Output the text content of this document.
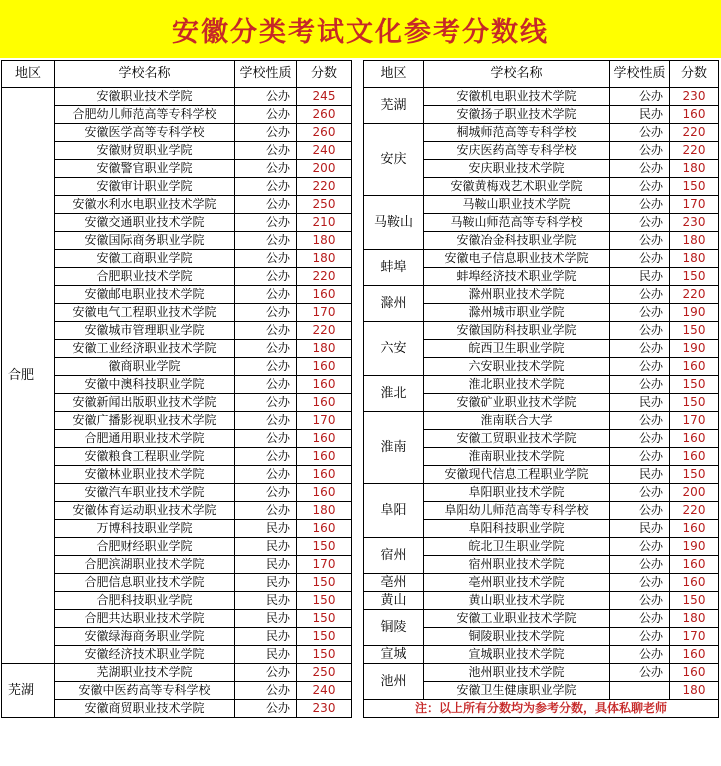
安徽分类考试文化参考分数线
地区	学校名称	学校性质	分数
合肥	安徽职业技术学院	公办	245
	合肥幼儿师范高等专科学校	公办	260
	安徽医学高等专科学校	公办	260
	安徽财贸职业学院	公办	240
	安徽警官职业学院	公办	200
	安徽审计职业学院	公办	220
	安徽水利水电职业技术学院	公办	250
	安徽交通职业技术学院	公办	210
	安徽国际商务职业学院	公办	180
	安徽工商职业学院	公办	180
	合肥职业技术学院	公办	220
	安徽邮电职业技术学院	公办	160
	安徽电气工程职业技术学院	公办	170
	安徽城市管理职业学院	公办	220
	安徽工业经济职业技术学院	公办	180
	徽商职业学院	公办	160
	安徽中澳科技职业学院	公办	160
	安徽新闻出版职业技术学院	公办	160
	安徽广播影视职业技术学院	公办	170
	合肥通用职业技术学院	公办	160
	安徽粮食工程职业学院	公办	160
	安徽林业职业技术学院	公办	160
	安徽汽车职业技术学院	公办	160
	安徽体育运动职业技术学院	公办	180
	万博科技职业学院	民办	160
	合肥财经职业学院	民办	150
	合肥滨湖职业技术学院	民办	170
	合肥信息职业技术学院	民办	150
	合肥科技职业学院	民办	150
	合肥共达职业技术学院	民办	150
	安徽绿海商务职业学院	民办	150
	安徽经济技术职业学院	民办	150
芜湖	芜湖职业技术学院	公办	250
	安徽中医药高等专科学校	公办	240
	安徽商贸职业技术学院	公办	230
地区	学校名称	学校性质	分数
芜湖	安徽机电职业技术学院	公办	230
	安徽扬子职业技术学院	民办	160
安庆	桐城师范高等专科学校	公办	220
	安庆医药高等专科学校	公办	220
	安庆职业技术学院	公办	180
	安徽黄梅戏艺术职业学院	公办	150
马鞍山	马鞍山职业技术学院	公办	170
	马鞍山师范高等专科学校	公办	230
	安徽冶金科技职业学院	公办	180
蚌埠	安徽电子信息职业技术学院	公办	180
	蚌埠经济技术职业学院	民办	150
滁州	滁州职业技术学院	公办	220
	滁州城市职业学院	公办	190
六安	安徽国防科技职业学院	公办	150
	皖西卫生职业学院	公办	190
	六安职业技术学院	公办	160
淮北	淮北职业技术学院	公办	150
	安徽矿业职业技术学院	民办	150
淮南	淮南联合大学	公办	170
	安徽工贸职业技术学院	公办	160
	淮南职业技术学院	公办	160
	安徽现代信息工程职业学院	民办	150
阜阳	阜阳职业技术学院	公办	200
	阜阳幼儿师范高等专科学校	公办	220
	阜阳科技职业学院	民办	160
宿州	皖北卫生职业学院	公办	190
	宿州职业技术学院	公办	160
亳州	亳州职业技术学院	公办	160
黄山	黄山职业技术学院	公办	150
铜陵	安徽工业职业技术学院	公办	180
	铜陵职业技术学院	公办	170
宣城	宣城职业技术学院	公办	160
池州	池州职业技术学院	公办	160
	安徽卫生健康职业学院		180
注：以上所有分数均为参考分数，具体私聊老师			
